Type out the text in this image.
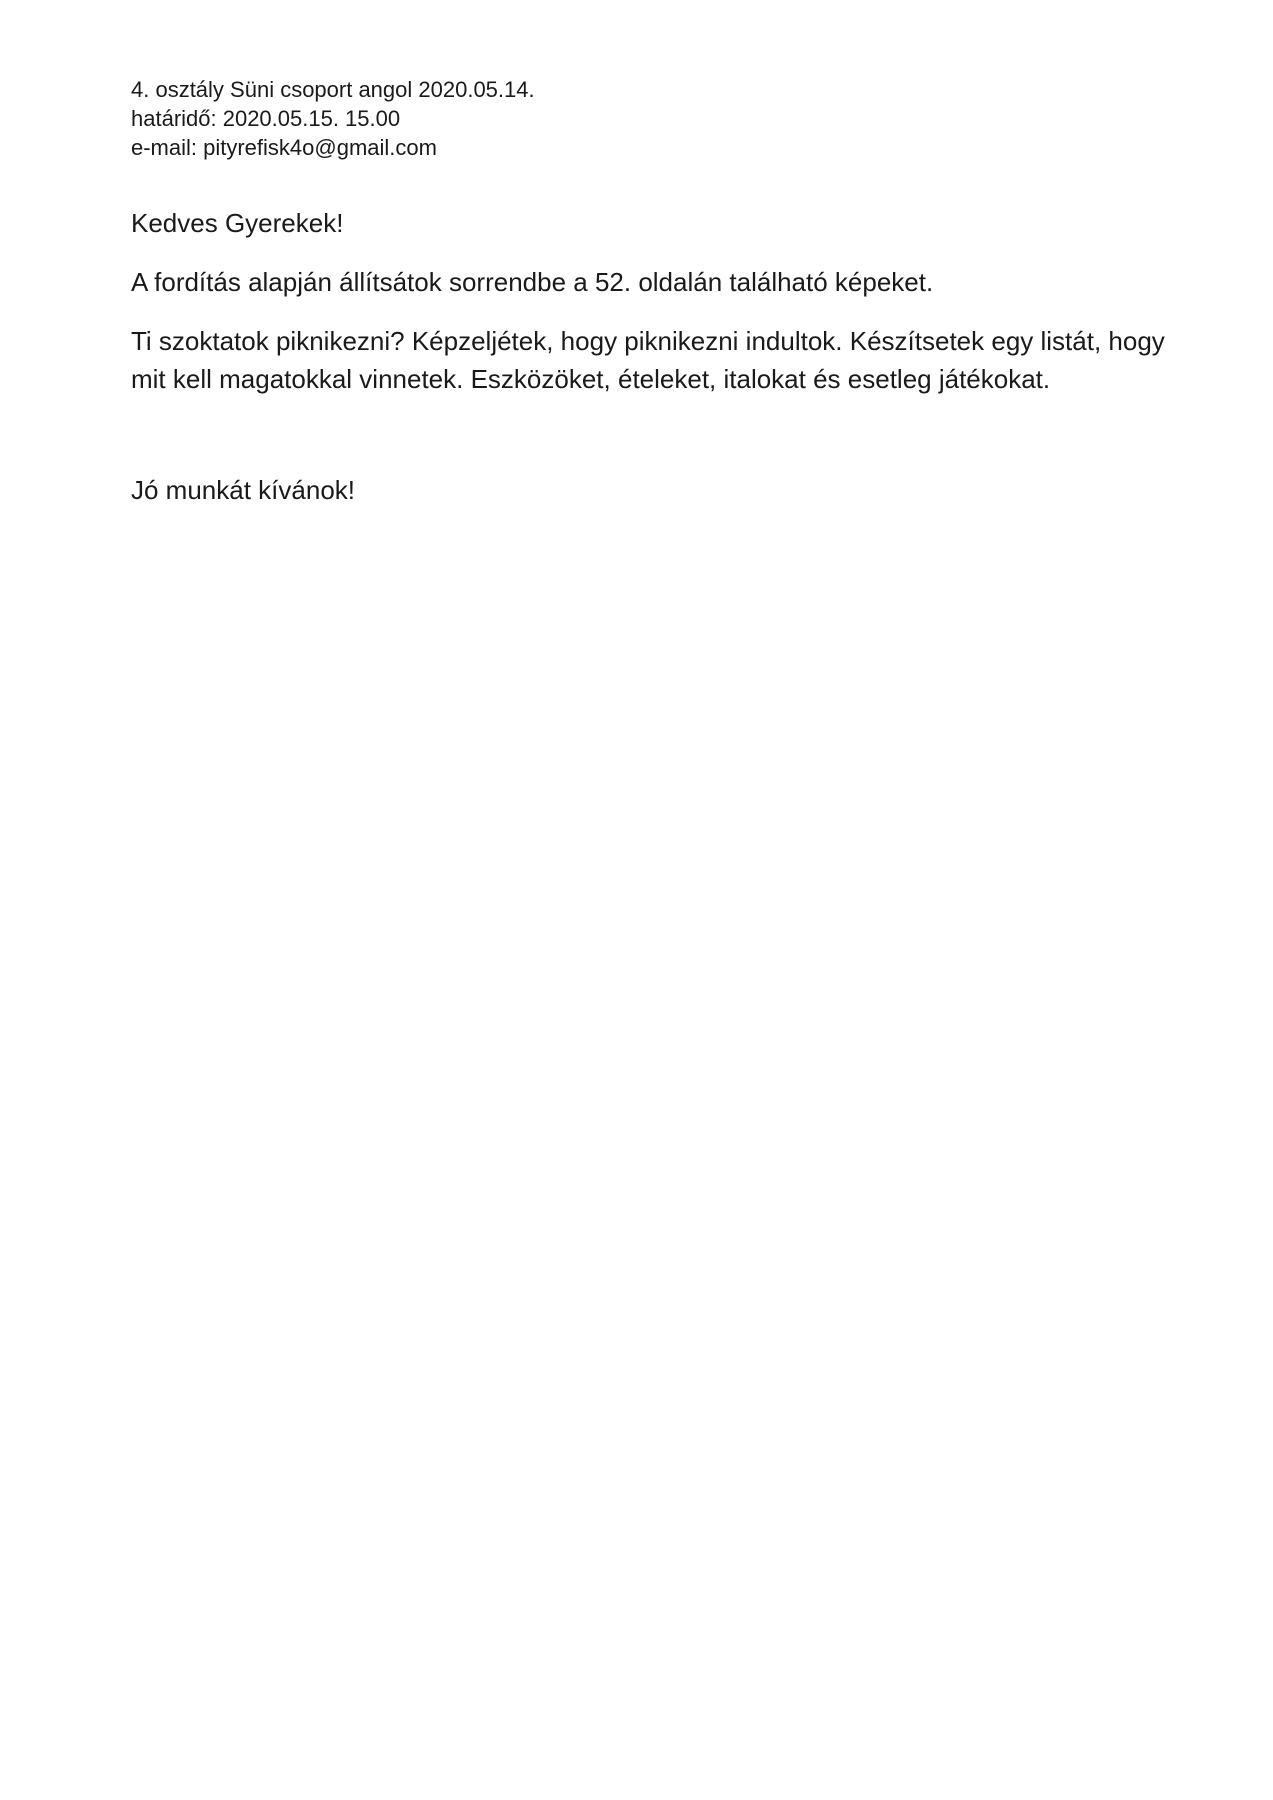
4. osztály Süni csoport angol 2020.05.14.
határidő: 2020.05.15. 15.00
e-mail: pityrefisk4o@gmail.com

Kedves Gyerekek!

A fordítás alapján állítsátok sorrendbe a 52. oldalán található képeket.

Ti szoktatok piknikezni? Képzeljétek, hogy piknikezni indultok. Készítsetek egy listát, hogy mit kell magatokkal vinnetek. Eszközöket, ételeket, italokat és esetleg játékokat.

Jó munkát kívánok!
